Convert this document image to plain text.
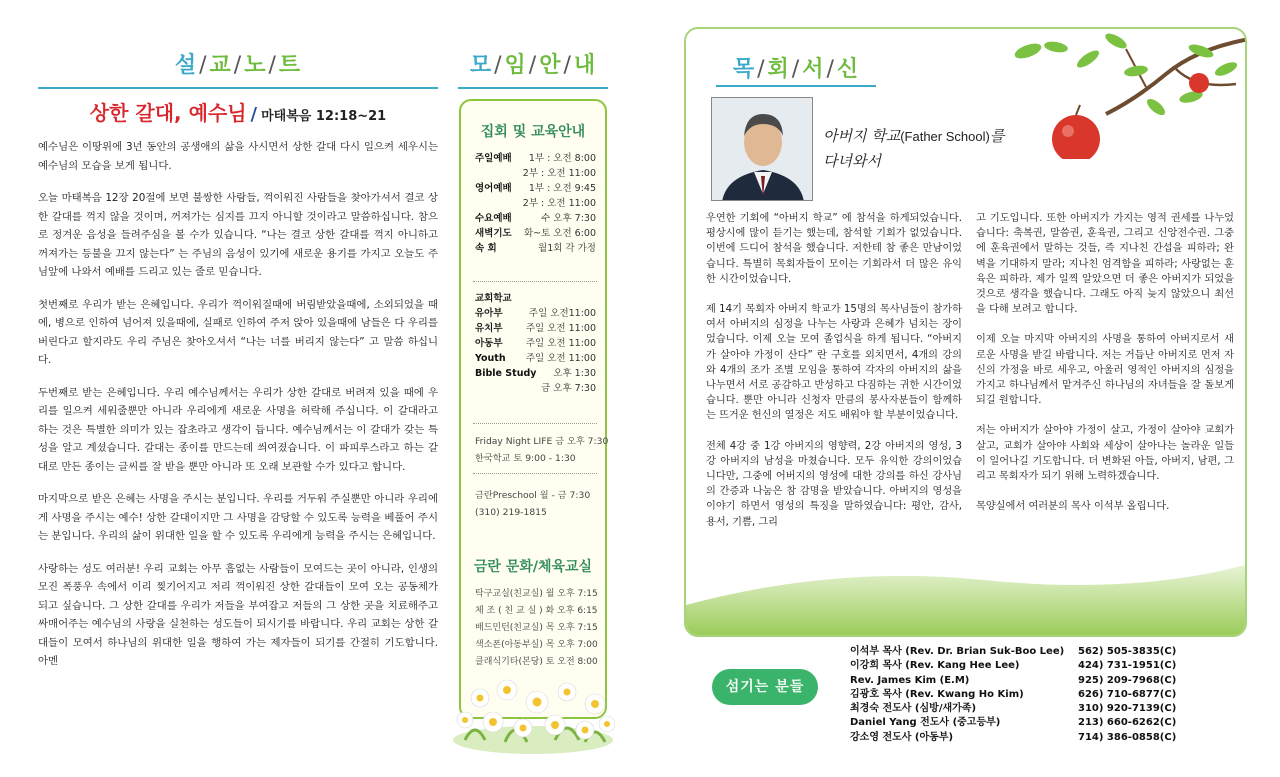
설/교/노/트
상한 갈대, 예수님 / 마태복음 12:18~21

예수님은 이땅위에 3년 동안의 공생애의 삶을 사시면서 상한 갈대 다시 일으켜 세우시는 예수님의 모습을 보게 됩니다.

오늘 마태복음 12장 20절에 보면 불쌍한 사람들, 꺽이워진 사람들을 찾아가셔서 결코 상한 갈대를 꺽지 않을 것이며, 꺼져가는 심지를 끄지 아니할 것이라고 말씀하십니다. 참으로 정겨운 음성을 들려주심을 볼 수가 있습니다. “나는 결코 상한 갈대를 꺽지 아니하고 꺼져가는 등불을 끄지 않는다” 는 주님의 음성이 있기에 새로운 용기를 가지고 오늘도 주님앞에 나와서 예배를 드리고 있는 줄로 믿습니다.

첫번째로 우리가 받는 은혜입니다. 우리가 꺽이워질때에 버림받았을때에, 소외되었을 때에, 병으로 인하여 넘어져 있을때에, 실패로 인하여 주저 앉아 있을때에 남들은 다 우리를 버린다고 할지라도 우리 주님은 찾아오셔서 “나는 너를 버리지 않는다” 고 말씀 하십니다.

두번째로 받는 은혜입니다. 우리 예수님께서는 우리가 상한 갈대로 버려져 있을 때에 우리를 일으켜 세워줄뿐만 아니라 우리에게 새로운 사명을 허락해 주십니다. 이 갈대라고 하는 것은 특별한 의미가 있는 잡초라고 생각이 듭니다. 예수님께서는 이 갈대가 갖는 특성을 알고 계셨습니다. 갈대는 종이를 만드는데 씌여졌습니다. 이 파피루스라고 하는 갈대로 만든 종이는 글씨를 잘 받을 뿐만 아니라 또 오래 보관할 수가 있다고 합니다.

마지막으로 받은 은혜는 사명을 주시는 분입니다. 우리를 거두워 주실뿐만 아니라 우리에게 사명을 주시는 예수! 상한 갈대이지만 그 사명을 감당할 수 있도록 능력을 베풀어 주시는 분입니다. 우리의 삶이 위대한 일을 할 수 있도록 우리에게 능력을 주시는 은혜입니다.

사랑하는 성도 여러분! 우리 교회는 아무 흠없는 사람들이 모여드는 곳이 아니라, 인생의 모진 폭풍우 속에서 이리 찢기어지고 저리 꺽이워진 상한 갈대들이 모여 오는 공동체가 되고 싶습니다. 그 상한 갈대를 우리가 저들을 부여잡고 저들의 그 상한 곳을 치료해주고 싸매어주는 예수님의 사랑을 실천하는 성도들이 되시기를 바랍니다. 우리 교회는 상한 갈대들이 모여서 하나님의 위대한 일을 행하여 가는 제자들이 되기를 간절히 기도합니다. 아멘

모/임/안/내
집회 및 교육안내
주일예배	1부 : 오전 8:00
2부 : 오전 11:00
영어예배	1부 : 오전 9:45
2부 : 오전 11:00
수요예배	수 오후 7:30
새벽기도	화~토 오전 6:00
속 회	월1회 각 가정
교회학교
유아부	주일 오전11:00
유치부	주일 오전 11:00
아동부	주일 오전 11:00
Youth	주일 오전 11:00
Bible Study	오후 1:30
금 오후 7:30
Friday Night LIFE 금 오후 7:30
한국학교 토 9:00 - 1:30
금란Preschool 월 - 금 7:30
(310) 219-1815
금란 문화/체육교실
탁구교실(친교실) 월 오후 7:15
체 조 ( 친 교 실 ) 화 오후 6:15
배드민턴(친교실) 목 오후 7:15
색소폰(아동부실) 목 오후 7:00
클래식기타(본당) 토 오전 8:00
목/회/서/신
아버지 학교(Father School)를
다녀와서

우연한 기회에 “아버지 학교” 에 참석을 하게되었습니다. 평상시에 많이 듣기는 했는데, 참석할 기회가 없었습니다. 이번에 드디어 참석을 했습니다. 저한테 참 좋은 만남이었습니다. 특별히 목회자들이 모이는 기회라서 더 많은 유익한 시간이었습니다.

제 14기 목회자 아버지 학교가 15명의 목사님들이 참가하여서 아버지의 심정을 나누는 사랑과 은혜가 넘치는 장이었습니다. 이제 오늘 모여 졸업식을 하게 됩니다. “아버지가 살아야 가정이 산다” 란 구호를 외치면서, 4개의 강의와 4개의 조가 조별 모임을 통하여 각자의 아버지의 삶을 나누면서 서로 공감하고 반성하고 다짐하는 귀한 시간이었습니다. 뿐만 아니라 신청자 만큼의 봉사자분들이 함께하는 뜨거운 헌신의 열정은 저도 배워야 할 부분이었습니다.

전체 4강 중 1강 아버지의 영향력, 2강 아버지의 영성, 3강 아버지의 남성을 마쳤습니다. 모두 유익한 강의이었습니다만, 그중에 어버지의 영성에 대한 강의를 하신 강사님의 간증과 나눔은 참 감명을 받았습니다. 아버지의 영성을 이야기 하면서 영성의 특징을 말하였습니다: 평안, 감사, 용서, 기쁨, 그리

고 기도입니다. 또한 아버지가 가지는 영적 권세를 나누었습니다: 축복권, 말씀권, 훈육권, 그리고 신앙전수권. 그중에 훈육권에서 말하는 것들, 즉 지나친 간섭을 피하라; 완벽을 기대하지 말라; 지나친 엄격함을 피하라; 사랑없는 훈육은 피하라. 제가 일찍 알았으면 더 좋은 아버지가 되었을 것으로 생각을 했습니다. 그래도 아직 늦지 않았으니 최선을 다해 보려고 합니다.

이제 오늘 마지막 아버지의 사명을 통하여 아버지로서 새로운 사명을 받길 바랍니다. 저는 거듭난 아버지로 먼저 자신의 가정을 바로 세우고, 아울러 영적인 아버지의 심정을 가지고 하나님께서 맡겨주신 하나님의 자녀들을 잘 돌보게 되길 원합니다.

저는 아버지가 살아야 가정이 살고, 가정이 살아야 교회가 살고, 교회가 살아야 사회와 세상이 살아나는 놀라운 일들이 일어나길 기도합니다. 더 변화된 아들, 아버지, 남편, 그리고 목회자가 되기 위해 노력하겠습니다.

목양실에서 여러분의 목사 이석부 올립니다.

섬기는 분들
이석부 목사 (Rev. Dr. Brian Suk-Boo Lee)	562) 505-3835(C)
이강희 목사 (Rev. Kang Hee Lee)	424) 731-1951(C)
Rev. James Kim (E.M)	925) 209-7968(C)
김광호 목사 (Rev. Kwang Ho Kim)	626) 710-6877(C)
최경숙 전도사 (심방/새가족)	310) 920-7139(C)
Daniel Yang 전도사 (중고등부)	213) 660-6262(C)
강소영 전도사 (아동부)	714) 386-0858(C)
